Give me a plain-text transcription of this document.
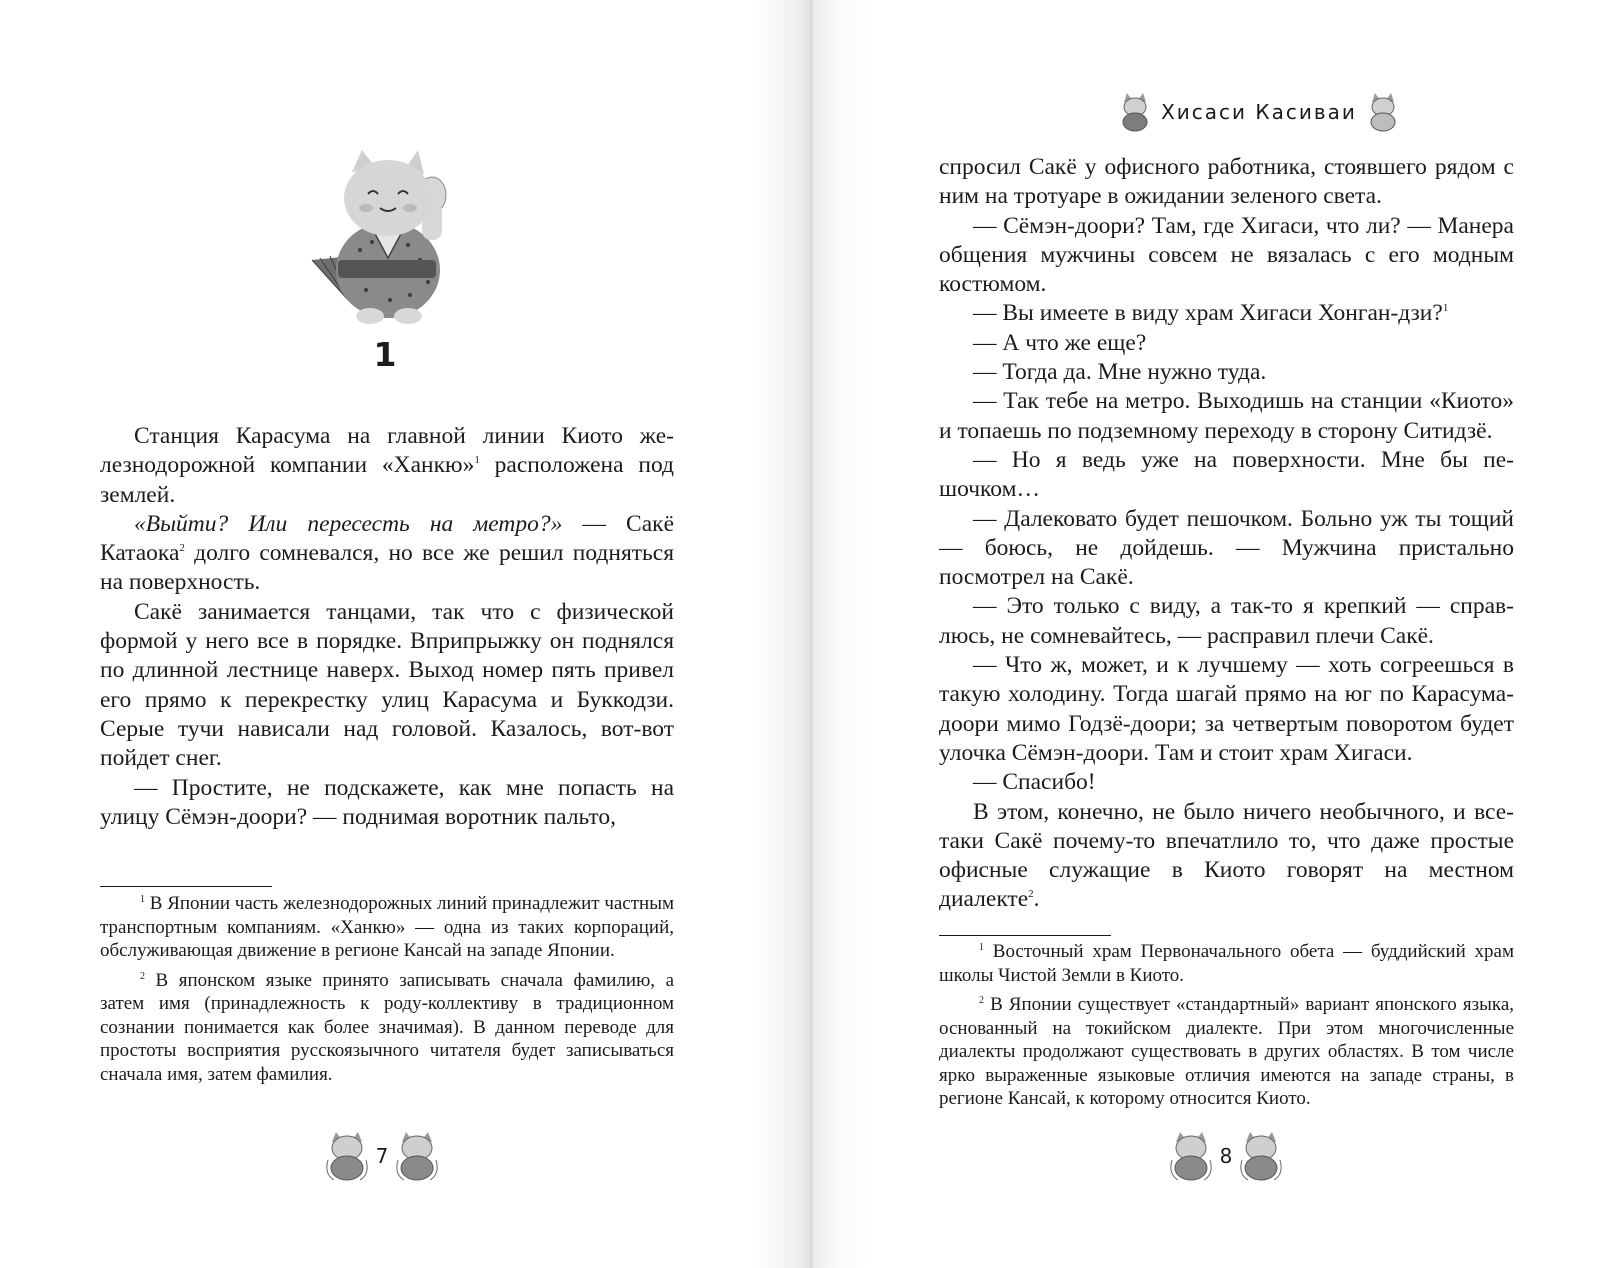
1

Станция Карасума на главной линии Киото железнодорожной компании «Ханкю»$^1$ расположена под землей.

«Выйти? Или пересесть на метро?» — Сакё Катаока$^2$ долго сомневался, но все же решил подняться на поверхность.

Сакё занимается танцами, так что с физической формой у него все в порядке. Вприпрыжку он поднялся по длинной лестнице наверх. Выход номер пять привел его прямо к перекрестку улиц Карасума и Буккодзи. Серые тучи нависали над головой. Казалось, вот-вот пойдет снег.

— Простите, не подскажете, как мне попасть на улицу Сёмэн-доори? — поднимая воротник пальто,

$^1$ В Японии часть железнодорожных линий принадлежит частным транспортным компаниям. «Ханкю» — одна из таких корпораций, обслуживающая движение в регионе Кансай на западе Японии.

$^2$ В японском языке принято записывать сначала фамилию, а затем имя (принадлежность к роду-коллективу в традиционном сознании понимается как более значимая). В данном переводе для простоты восприятия русскоязычного читателя будет записываться сначала имя, затем фамилия.

7
Хисаси Касиваи

спросил Сакё у офисного работника, стоявшего рядом с ним на тротуаре в ожидании зеленого света.

— Сёмэн-доори? Там, где Хигаси, что ли? — Манера общения мужчины совсем не вязалась с его модным костюмом.

— Вы имеете в виду храм Хигаси Хонган-дзи?$^1$

— А что же еще?

— Тогда да. Мне нужно туда.

— Так тебе на метро. Выходишь на станции «Киото» и топаешь по подземному переходу в сторону Ситидзё.

— Но я ведь уже на поверхности. Мне бы пешочком…

— Далековато будет пешочком. Больно уж ты тощий — боюсь, не дойдешь. — Мужчина пристально посмотрел на Сакё.

— Это только с виду, а так-то я крепкий — справлюсь, не сомневайтесь, — расправил плечи Сакё.

— Что ж, может, и к лучшему — хоть согреешься в такую холодину. Тогда шагай прямо на юг по Карасума-доори мимо Годзё-доори; за четвертым поворотом будет улочка Сёмэн-доори. Там и стоит храм Хигаси.

— Спасибо!

В этом, конечно, не было ничего необычного, и все-таки Сакё почему-то впечатлило то, что даже простые офисные служащие в Киото говорят на местном диалекте$^2$.

$^1$ Восточный храм Первоначального обета — буддийский храм школы Чистой Земли в Киото.

$^2$ В Японии существует «стандартный» вариант японского языка, основанный на токийском диалекте. При этом многочисленные диалекты продолжают существовать в других областях. В том числе ярко выраженные языковые отличия имеются на западе страны, в регионе Кансай, к которому относится Киото.

8
